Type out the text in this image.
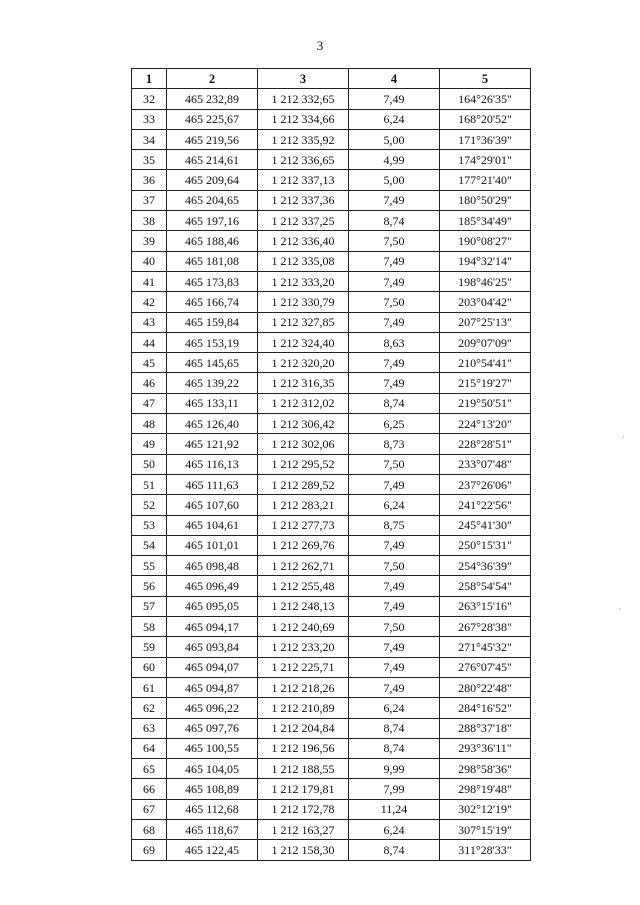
3
1	2	3	4	5
32	465 232,89	1 212 332,65	7,49	164°26'35"
33	465 225,67	1 212 334,66	6,24	168°20'52"
34	465 219,56	1 212 335,92	5,00	171°36'39"
35	465 214,61	1 212 336,65	4,99	174°29'01"
36	465 209,64	1 212 337,13	5,00	177°21'40"
37	465 204,65	1 212 337,36	7,49	180°50'29"
38	465 197,16	1 212 337,25	8,74	185°34'49"
39	465 188,46	1 212 336,40	7,50	190°08'27"
40	465 181,08	1 212 335,08	7,49	194°32'14"
41	465 173,83	1 212 333,20	7,49	198°46'25"
42	465 166,74	1 212 330,79	7,50	203°04'42"
43	465 159,84	1 212 327,85	7,49	207°25'13"
44	465 153,19	1 212 324,40	8,63	209°07'09"
45	465 145,65	1 212 320,20	7,49	210°54'41"
46	465 139,22	1 212 316,35	7,49	215°19'27"
47	465 133,11	1 212 312,02	8,74	219°50'51"
48	465 126,40	1 212 306,42	6,25	224°13'20"
49	465 121,92	1 212 302,06	8,73	228°28'51"
50	465 116,13	1 212 295,52	7,50	233°07'48"
51	465 111,63	1 212 289,52	7,49	237°26'06"
52	465 107,60	1 212 283,21	6,24	241°22'56"
53	465 104,61	1 212 277,73	8,75	245°41'30"
54	465 101,01	1 212 269,76	7,49	250°15'31"
55	465 098,48	1 212 262,71	7,50	254°36'39"
56	465 096,49	1 212 255,48	7,49	258°54'54"
57	465 095,05	1 212 248,13	7,49	263°15'16"
58	465 094,17	1 212 240,69	7,50	267°28'38"
59	465 093,84	1 212 233,20	7,49	271°45'32"
60	465 094,07	1 212 225,71	7,49	276°07'45"
61	465 094,87	1 212 218,26	7,49	280°22'48"
62	465 096,22	1 212 210,89	6,24	284°16'52"
63	465 097,76	1 212 204,84	8,74	288°37'18"
64	465 100,55	1 212 196,56	8,74	293°36'11"
65	465 104,05	1 212 188,55	9,99	298°58'36"
66	465 108,89	1 212 179,81	7,99	298°19'48"
67	465 112,68	1 212 172,78	11,24	302°12'19"
68	465 118,67	1 212 163,27	6,24	307°15'19"
69	465 122,45	1 212 158,30	8,74	311°28'33"
·
·
